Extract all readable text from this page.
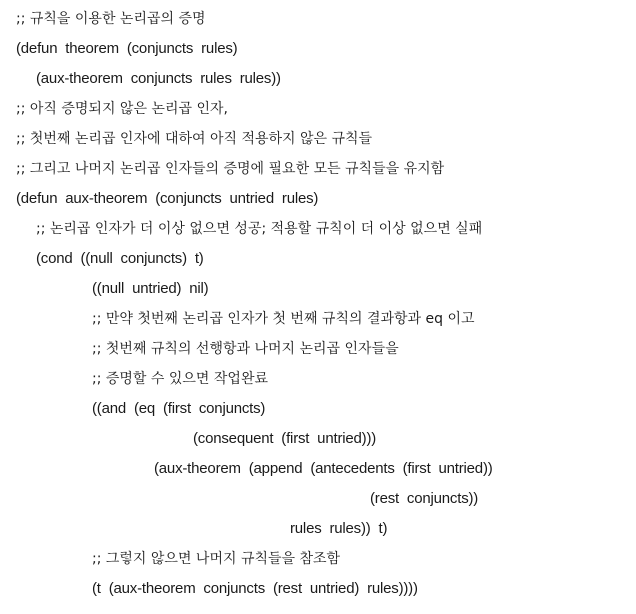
;; 규칙을 이용한 논리곱의 증명
(defun  theorem  (conjuncts  rules)
(aux-theorem  conjuncts  rules  rules))
;; 아직 증명되지 않은 논리곱 인자,
;; 첫번째 논리곱 인자에 대하여 아직 적용하지 않은 규칙들
;; 그리고 나머지 논리곱 인자들의 증명에 필요한 모든 규칙들을 유지함
(defun  aux-theorem  (conjuncts  untried  rules)
;; 논리곱 인자가 더 이상 없으면 성공; 적용할 규칙이 더 이상 없으면 실패
(cond  ((null  conjuncts)  t)
((null  untried)  nil)
;; 만약 첫번째 논리곱 인자가 첫 번째 규칙의 결과항과 eq 이고
;; 첫번째 규칙의 선행항과 나머지 논리곱 인자들을
;; 증명할 수 있으면 작업완료
((and  (eq  (first  conjuncts)
(consequent  (first  untried)))
(aux-theorem  (append  (antecedents  (first  untried))
(rest  conjuncts))
rules  rules))  t)
;; 그렇지 않으면 나머지 규칙들을 참조함
(t  (aux-theorem  conjuncts  (rest  untried)  rules))))
